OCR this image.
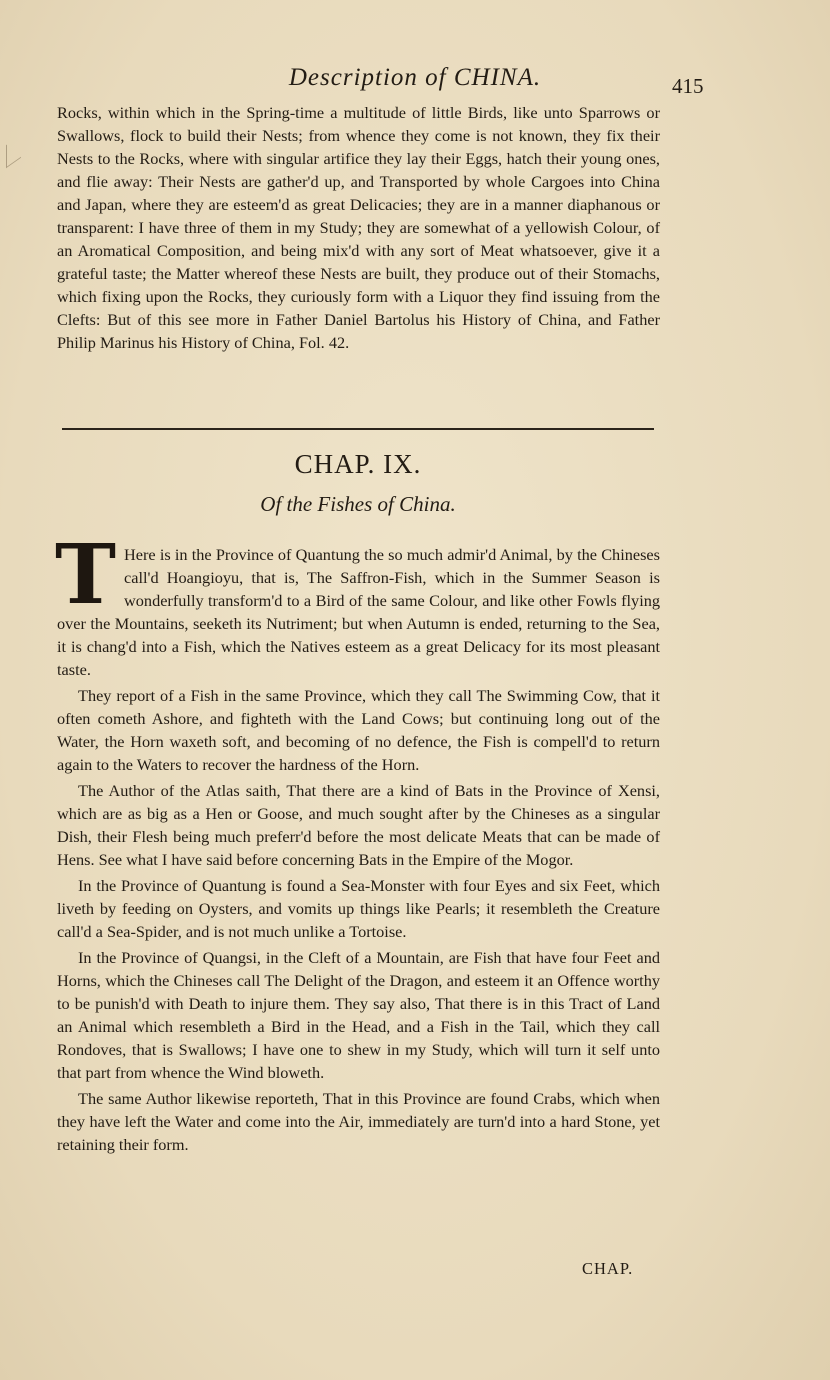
Description of CHINA.	415

Rocks, within which in the Spring-time a multitude of little Birds, like unto Sparrows or Swallows, flock to build their Nests; from whence they come is not known, they fix their Nests to the Rocks, where with singular artifice they lay their Eggs, hatch their young ones, and flie away: Their Nests are gather'd up, and Transported by whole Cargoes into China and Japan, where they are esteem'd as great Delicacies; they are in a manner diaphanous or transparent: I have three of them in my Study; they are somewhat of a yellowish Colour, of an Aromatical Composition, and being mix'd with any sort of Meat whatsoever, give it a grateful taste; the Matter whereof these Nests are built, they produce out of their Stomachs, which fixing upon the Rocks, they curiously form with a Liquor they find issuing from the Clefts: But of this see more in Father Daniel Bartolus his History of China, and Father Philip Marinus his History of China, Fol. 42.

CHAP. IX.
Of the Fishes of China.

T Here is in the Province of Quantung the so much admir'd Animal, by the Chineses call'd Hoangioyu, that is, The Saffron-Fish, which in the Summer Season is wonderfully transform'd to a Bird of the same Colour, and like other Fowls flying over the Mountains, seeketh its Nutriment; but when Autumn is ended, returning to the Sea, it is chang'd into a Fish, which the Natives esteem as a great Delicacy for its most pleasant taste.

They report of a Fish in the same Province, which they call The Swimming Cow, that it often cometh Ashore, and fighteth with the Land Cows; but continuing long out of the Water, the Horn waxeth soft, and becoming of no defence, the Fish is compell'd to return again to the Waters to recover the hardness of the Horn.

The Author of the Atlas saith, That there are a kind of Bats in the Province of Xensi, which are as big as a Hen or Goose, and much sought after by the Chineses as a singular Dish, their Flesh being much preferr'd before the most delicate Meats that can be made of Hens. See what I have said before concerning Bats in the Empire of the Mogor.

In the Province of Quantung is found a Sea-Monster with four Eyes and six Feet, which liveth by feeding on Oysters, and vomits up things like Pearls; it resembleth the Creature call'd a Sea-Spider, and is not much unlike a Tortoise.

In the Province of Quangsi, in the Cleft of a Mountain, are Fish that have four Feet and Horns, which the Chineses call The Delight of the Dragon, and esteem it an Offence worthy to be punish'd with Death to injure them. They say also, That there is in this Tract of Land an Animal which resembleth a Bird in the Head, and a Fish in the Tail, which they call Rondoves, that is Swallows; I have one to shew in my Study, which will turn it self unto that part from whence the Wind bloweth.

The same Author likewise reporteth, That in this Province are found Crabs, which when they have left the Water and come into the Air, immediately are turn'd into a hard Stone, yet retaining their form.

CHAP.
